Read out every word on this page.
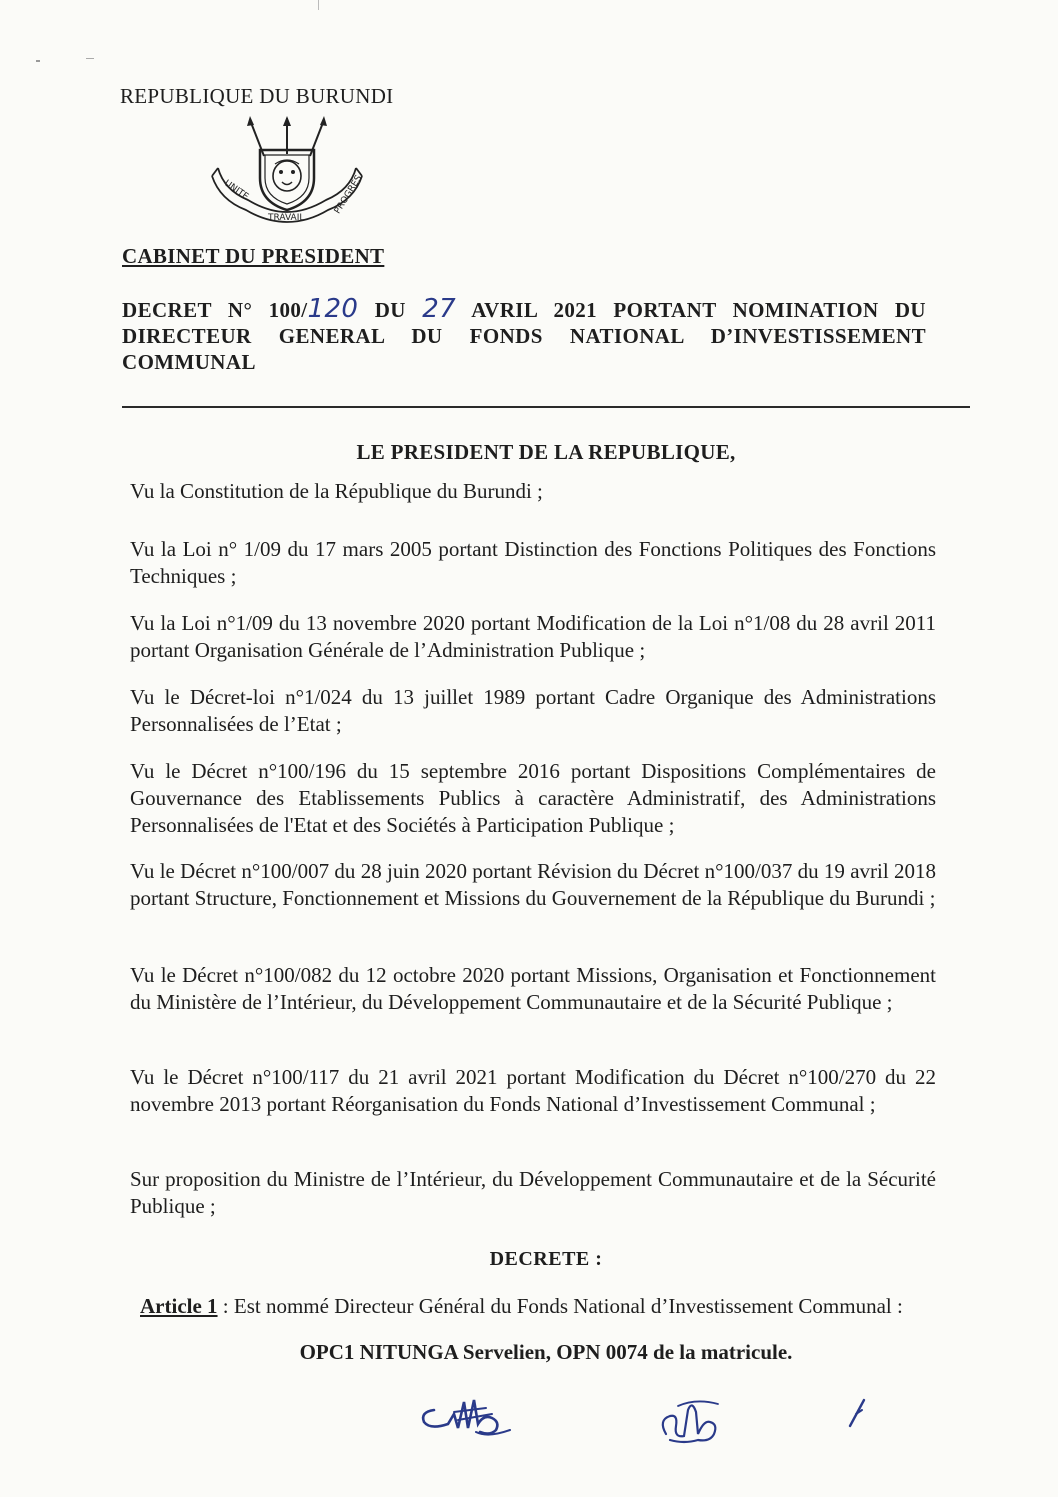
REPUBLIQUE DU BURUNDI
UNITE
TRAVAIL
PROGRES
CABINET DU PRESIDENT
DECRET N° 100/120 DU 27 AVRIL 2021 PORTANT NOMINATION DU
DIRECTEUR GENERAL DU FONDS NATIONAL D’INVESTISSEMENT
COMMUNAL
LE PRESIDENT DE LA REPUBLIQUE,

Vu la Constitution de la République du Burundi ;

Vu la Loi n° 1/09 du 17 mars 2005 portant Distinction des Fonctions Politiques des Fonctions Techniques ;

Vu la Loi n°1/09 du 13 novembre 2020 portant Modification de la Loi n°1/08 du 28 avril 2011 portant Organisation Générale de l’Administration Publique ;

Vu le Décret-loi n°1/024 du 13 juillet 1989 portant Cadre Organique des Administrations Personnalisées de l’Etat ;

Vu le Décret n°100/196 du 15 septembre 2016 portant Dispositions Complémentaires de Gouvernance des Etablissements Publics à caractère Administratif, des Administrations Personnalisées de l'Etat et des Sociétés à Participation Publique ;

Vu le Décret n°100/007 du 28 juin 2020 portant Révision du Décret n°100/037 du 19 avril 2018 portant Structure, Fonctionnement et Missions du Gouvernement de la République du Burundi ;

Vu le Décret n°100/082 du 12 octobre 2020 portant Missions, Organisation et Fonctionnement du Ministère de l’Intérieur, du Développement Communautaire et de la Sécurité Publique ;

Vu le Décret n°100/117 du 21 avril 2021 portant Modification du Décret n°100/270 du 22 novembre 2013 portant Réorganisation du Fonds National d’Investissement Communal ;

Sur proposition du Ministre de l’Intérieur, du Développement Communautaire et de la Sécurité Publique ;

DECRETE :
Article 1 : Est nommé Directeur Général du Fonds National d’Investissement Communal :
OPC1 NITUNGA Servelien, OPN 0074 de la matricule.
